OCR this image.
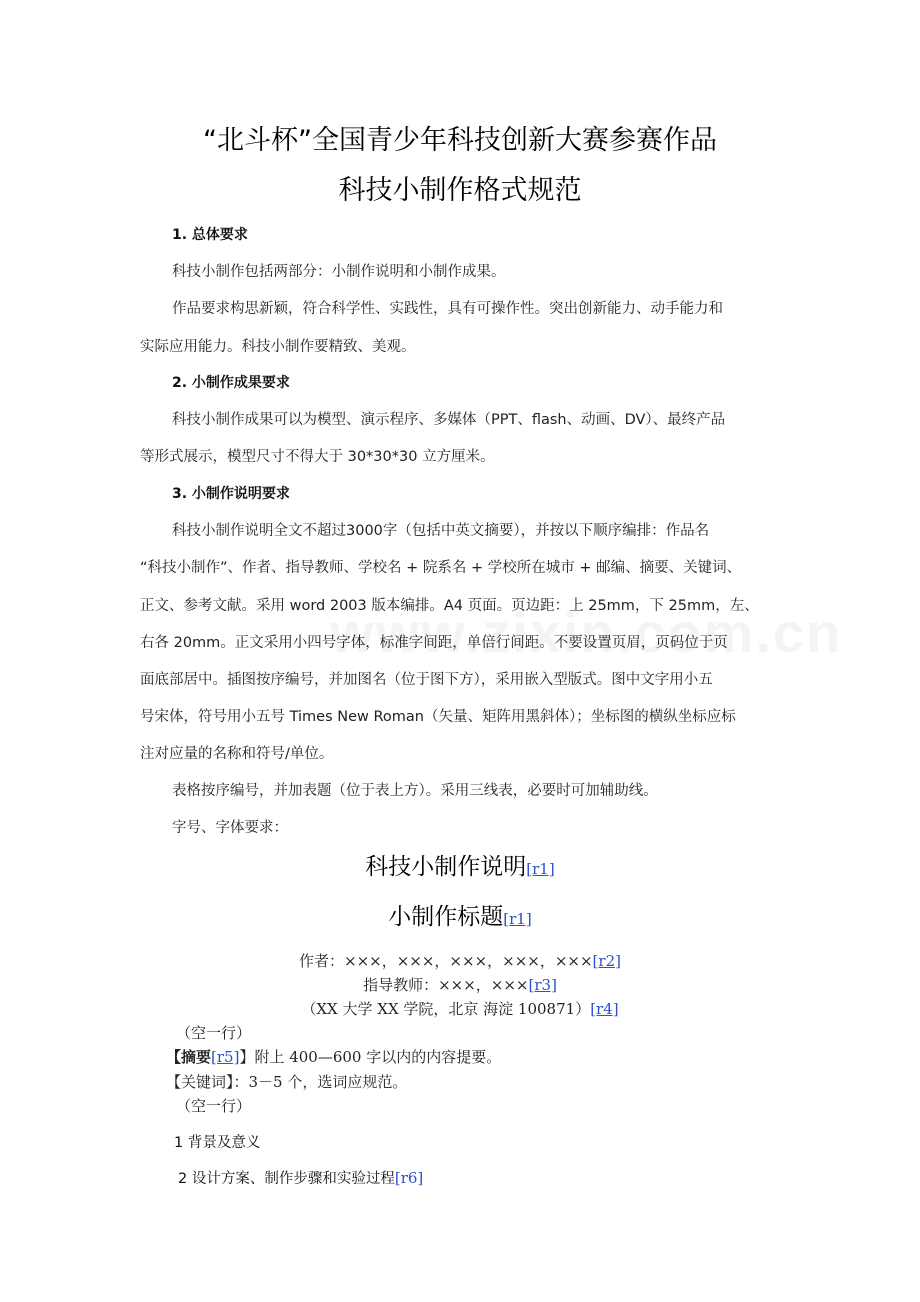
“北斗杯”全国青少年科技创新大赛参赛作品
科技小制作格式规范
1. 总体要求
科技小制作包括两部分：小制作说明和小制作成果。
作品要求构思新颖，符合科学性、实践性，具有可操作性。突出创新能力、动手能力和
实际应用能力。科技小制作要精致、美观。
2. 小制作成果要求
科技小制作成果可以为模型、演示程序、多媒体（PPT、flash、动画、DV）、最终产品
等形式展示，模型尺寸不得大于 30*30*30 立方厘米。
3. 小制作说明要求
科技小制作说明全文不超过3000字（包括中英文摘要），并按以下顺序编排：作品名
“科技小制作”、作者、指导教师、学校名 + 院系名 + 学校所在城市 + 邮编、摘要、关键词、
正文、参考文献。采用 word 2003 版本编排。A4 页面。页边距：上 25mm，下 25mm，左、
右各 20mm。正文采用小四号字体，标准字间距，单倍行间距。不要设置页眉，页码位于页
面底部居中。插图按序编号，并加图名（位于图下方），采用嵌入型版式。图中文字用小五
号宋体，符号用小五号 Times New Roman（矢量、矩阵用黑斜体）；坐标图的横纵坐标应标
注对应量的名称和符号/单位。
表格按序编号，并加表题（位于表上方）。采用三线表，必要时可加辅助线。
字号、字体要求：
科技小制作说明[r1]
小制作标题[r1]
作者：×××，×××，×××，×××，×××[r2]
指导教师：×××，×××[r3]
（XX 大学 XX 学院，北京 海淀 100871）[r4]
（空一行）
【摘要[r5]】附上 400—600 字以内的内容提要。
【关键词】：3－5 个，选词应规范。
（空一行）
1 背景及意义
2 设计方案、制作步骤和实验过程[r6]
